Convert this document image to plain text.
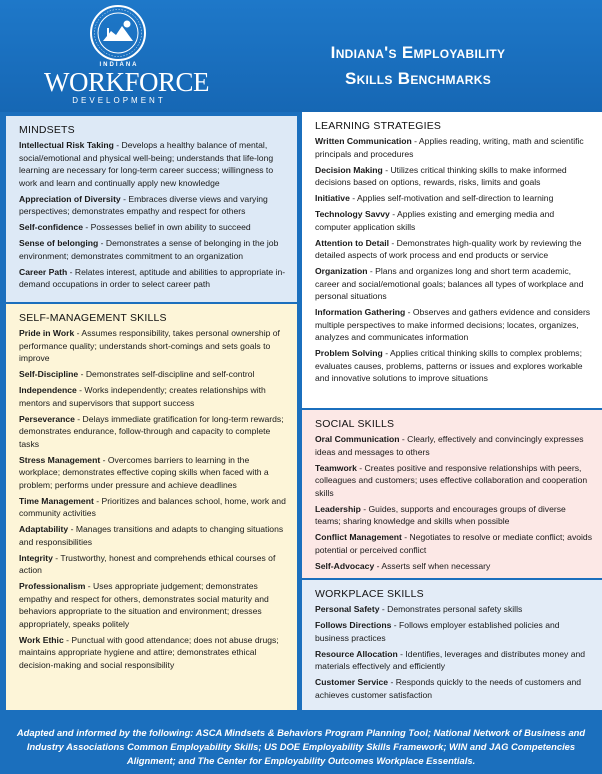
INDIANA
WORKFORCE
DEVELOPMENT
Indiana's Employability
Skills Benchmarks
MINDSETS
Intellectual Risk Taking - Develops a healthy balance of mental, social/emotional and physical well-being; understands that life-long learning are necessary for long-term career success; willingness to work and learn and continually apply new knowledge
Appreciation of Diversity - Embraces diverse views and varying perspectives; demonstrates empathy and respect for others
Self-confidence - Possesses belief in own ability to succeed
Sense of belonging - Demonstrates a sense of belonging in the job environment; demonstrates commitment to an organization
Career Path - Relates interest, aptitude and abilities to appropriate in-demand occupations in order to select career path
SELF-MANAGEMENT SKILLS
Pride in Work - Assumes responsibility, takes personal ownership of performance quality; understands short-comings and sets goals to improve
Self-Discipline - Demonstrates self-discipline and self-control
Independence - Works independently; creates relationships with mentors and supervisors that support success
Perseverance - Delays immediate gratification for long-term rewards; demonstrates endurance, follow-through and capacity to complete tasks
Stress Management - Overcomes barriers to learning in the workplace; demonstrates effective coping skills when faced with a problem; performs under pressure and achieve deadlines
Time Management - Prioritizes and balances school, home, work and community activities
Adaptability - Manages transitions and adapts to changing situations and responsibilities
Integrity - Trustworthy, honest and comprehends ethical courses of action
Professionalism - Uses appropriate judgement; demonstrates empathy and respect for others, demonstrates social maturity and behaviors appropriate to the situation and environment; dresses appropriately, speaks politely
Work Ethic - Punctual with good attendance; does not abuse drugs; maintains appropriate hygiene and attire; demonstrates ethical decision-making and social responsibility
LEARNING STRATEGIES
Written Communication - Applies reading, writing, math and scientific principals and procedures
Decision Making - Utilizes critical thinking skills to make informed decisions based on options, rewards, risks, limits and goals
Initiative - Applies self-motivation and self-direction to learning
Technology Savvy - Applies existing and emerging media and computer application skills
Attention to Detail - Demonstrates high-quality work by reviewing the detailed aspects of work process and end products or service
Organization - Plans and organizes long and short term academic, career and social/emotional goals; balances all types of workplace and personal situations
Information Gathering - Observes and gathers evidence and considers multiple perspectives to make informed decisions; locates, organizes, analyzes and communicates information
Problem Solving - Applies critical thinking skills to complex problems; evaluates causes, problems, patterns or issues and explores workable and innovative solutions to improve situations
SOCIAL SKILLS
Oral Communication - Clearly, effectively and convincingly expresses ideas and messages to others
Teamwork - Creates positive and responsive relationships with peers, colleagues and customers; uses effective collaboration and cooperation skills
Leadership - Guides, supports and encourages groups of diverse teams; sharing knowledge and skills when possible
Conflict Management - Negotiates to resolve or mediate conflict; avoids potential or perceived conflict
Self-Advocacy - Asserts self when necessary
WORKPLACE SKILLS
Personal Safety - Demonstrates personal safety skills
Follows Directions - Follows employer established policies and business practices
Resource Allocation - Identifies, leverages and distributes money and materials effectively and efficiently
Customer Service - Responds quickly to the needs of customers and achieves customer satisfaction
Adapted and informed by the following: ASCA Mindsets & Behaviors Program Planning Tool; National Network of Business and Industry Associations Common Employability Skills; US DOE Employability Skills Framework; WIN and JAG Competencies Alignment; and The Center for Employability Outcomes Workplace Essentials.
